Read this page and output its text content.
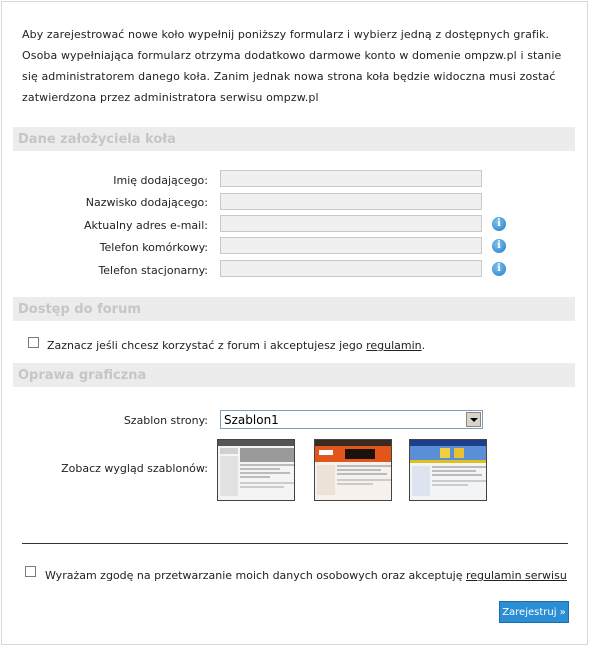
Aby zarejestrować nowe koło wypełnij poniższy formularz i wybierz jedną z dostępnych grafik.
Osoba wypełniająca formularz otrzyma dodatkowo darmowe konto w domenie ompzw.pl i stanie
się administratorem danego koła. Zanim jednak nowa strona koła będzie widoczna musi zostać
zatwierdzona przez administratora serwisu ompzw.pl
Dane założyciela koła
Imię dodającego:
Nazwisko dodającego:
Aktualny adres e-mail:	i
Telefon komórkowy:	i
Telefon stacjonarny:	i
Dostęp do forum
Zaznacz jeśli chcesz korzystać z forum i akceptujesz jego regulamin.
Oprawa graficzna
Szablon strony: Szablon1
Zobacz wygląd szablonów:
Wyrażam zgodę na przetwarzanie moich danych osobowych oraz akceptuję regulamin serwisu
Zarejestruj »
